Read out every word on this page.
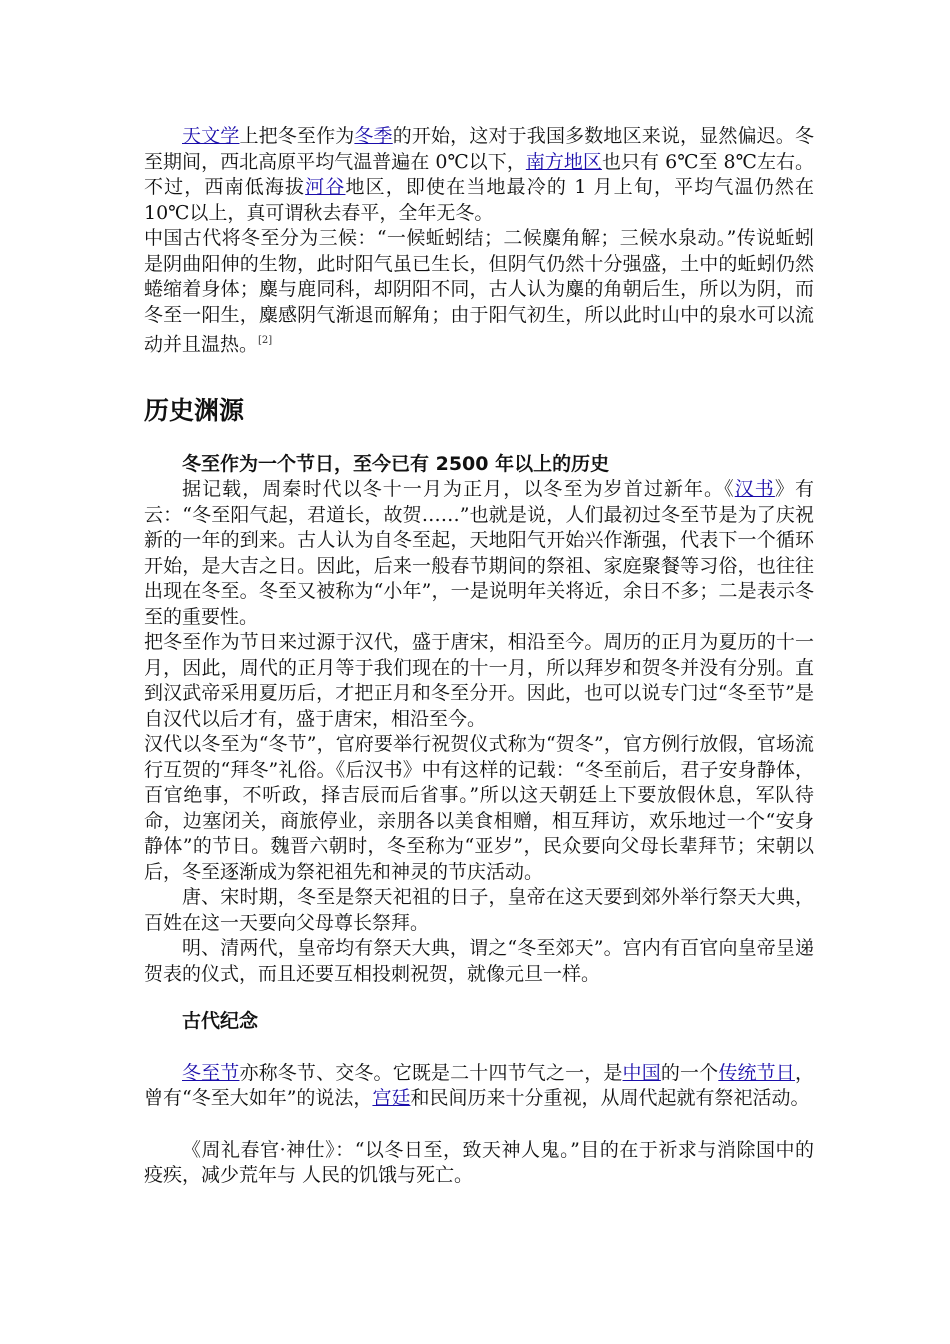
天文学上把冬至作为冬季的开始，这对于我国多数地区来说，显然偏迟。冬至期间，西北高原平均气温普遍在 0℃以下，南方地区也只有 6℃至 8℃左右。不过，西南低海拔河谷地区，即使在当地最冷的 1 月上旬，平均气温仍然在 10℃以上，真可谓秋去春平，全年无冬。

中国古代将冬至分为三候：“一候蚯蚓结；二候麋角解；三候水泉动。”传说蚯蚓是阴曲阳伸的生物，此时阳气虽已生长，但阴气仍然十分强盛，土中的蚯蚓仍然蜷缩着身体；麋与鹿同科，却阴阳不同，古人认为麋的角朝后生，所以为阴，而冬至一阳生，麋感阴气渐退而解角；由于阳气初生，所以此时山中的泉水可以流动并且温热。[2]

历史渊源
冬至作为一个节日，至今已有 2500 年以上的历史

据记载，周秦时代以冬十一月为正月，以冬至为岁首过新年。《汉书》有云：“冬至阳气起，君道长，故贺……”也就是说，人们最初过冬至节是为了庆祝新的一年的到来。古人认为自冬至起，天地阳气开始兴作渐强，代表下一个循环开始，是大吉之日。因此，后来一般春节期间的祭祖、家庭聚餐等习俗，也往往出现在冬至。冬至又被称为“小年”，一是说明年关将近，余日不多；二是表示冬至的重要性。

把冬至作为节日来过源于汉代，盛于唐宋，相沿至今。周历的正月为夏历的十一月，因此，周代的正月等于我们现在的十一月，所以拜岁和贺冬并没有分别。直到汉武帝采用夏历后，才把正月和冬至分开。因此，也可以说专门过“冬至节”是自汉代以后才有，盛于唐宋，相沿至今。

汉代以冬至为“冬节”，官府要举行祝贺仪式称为“贺冬”，官方例行放假，官场流行互贺的“拜冬”礼俗。《后汉书》中有这样的记载：“冬至前后，君子安身静体，百官绝事，不听政，择吉辰而后省事。”所以这天朝廷上下要放假休息，军队待命，边塞闭关，商旅停业，亲朋各以美食相赠，相互拜访，欢乐地过一个“安身静体”的节日。魏晋六朝时，冬至称为“亚岁”，民众要向父母长辈拜节；宋朝以后，冬至逐渐成为祭祀祖先和神灵的节庆活动。

唐、宋时期，冬至是祭天祀祖的日子，皇帝在这天要到郊外举行祭天大典，百姓在这一天要向父母尊长祭拜。

明、清两代，皇帝均有祭天大典，谓之“冬至郊天”。宫内有百官向皇帝呈递贺表的仪式，而且还要互相投刺祝贺，就像元旦一样。

古代纪念

冬至节亦称冬节、交冬。它既是二十四节气之一，是中国的一个传统节日，曾有“冬至大如年”的说法，宫廷和民间历来十分重视，从周代起就有祭祀活动。

《周礼春官·神仕》：“以冬日至，致天神人鬼。”目的在于祈求与消除国中的疫疾，减少荒年与 人民的饥饿与死亡。
